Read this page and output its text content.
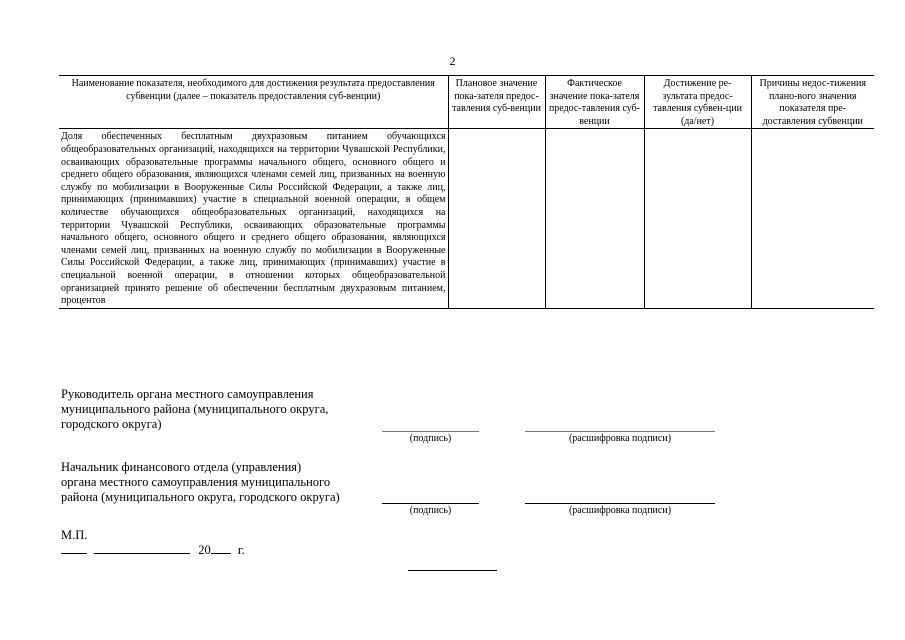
2
Наименование показателя, необходимого для достижения результата предоставления субвенции (далее – показатель предоставления суб-венции)	Плановое значение пока-зателя предос-тавления суб-венции	Фактическое значение пока-зателя предос-тавления суб-венции	Достижение ре-зультата предос-тавления субвен-ции (да/нет)	Причины недос-тижения плано-вого значения показателя пре-доставления субвенции
Доля обеспеченных бесплатным двухразовым питанием обучающихся общеобразовательных организаций, находящихся на территории Чувашской Республики, осваивающих образовательные программы начального общего, основного общего и среднего общего образования, являющихся членами семей лиц, призванных на военную службу по мобилизации в Вооруженные Силы Российской Федерации, а также лиц, принимающих (принимавших) участие в специальной военной операции, в общем количестве обучающихся общеобразовательных организаций, находящихся на территории Чувашской Республики, осваивающих образовательные программы начального общего, основного общего и среднего общего образования, являющихся членами семей лиц, призванных на военную службу по мобилизации в Вооруженные Силы Российской Федерации, а также лиц, принимающих (принимавших) участие в специальной военной операции, в отношении которых общеобразовательной организацией принято решение об обеспечении бесплатным двухразовым питанием, процентов				
Руководитель органа местного самоуправления
муниципального района (муниципального округа,
городского округа)
(подпись)	(расшифровка подписи)
Начальник финансового отдела (управления)
органа местного самоуправления муниципального
района (муниципального округа, городского округа)
(подпись)	(расшифровка подписи)
М.П.
20 г.
